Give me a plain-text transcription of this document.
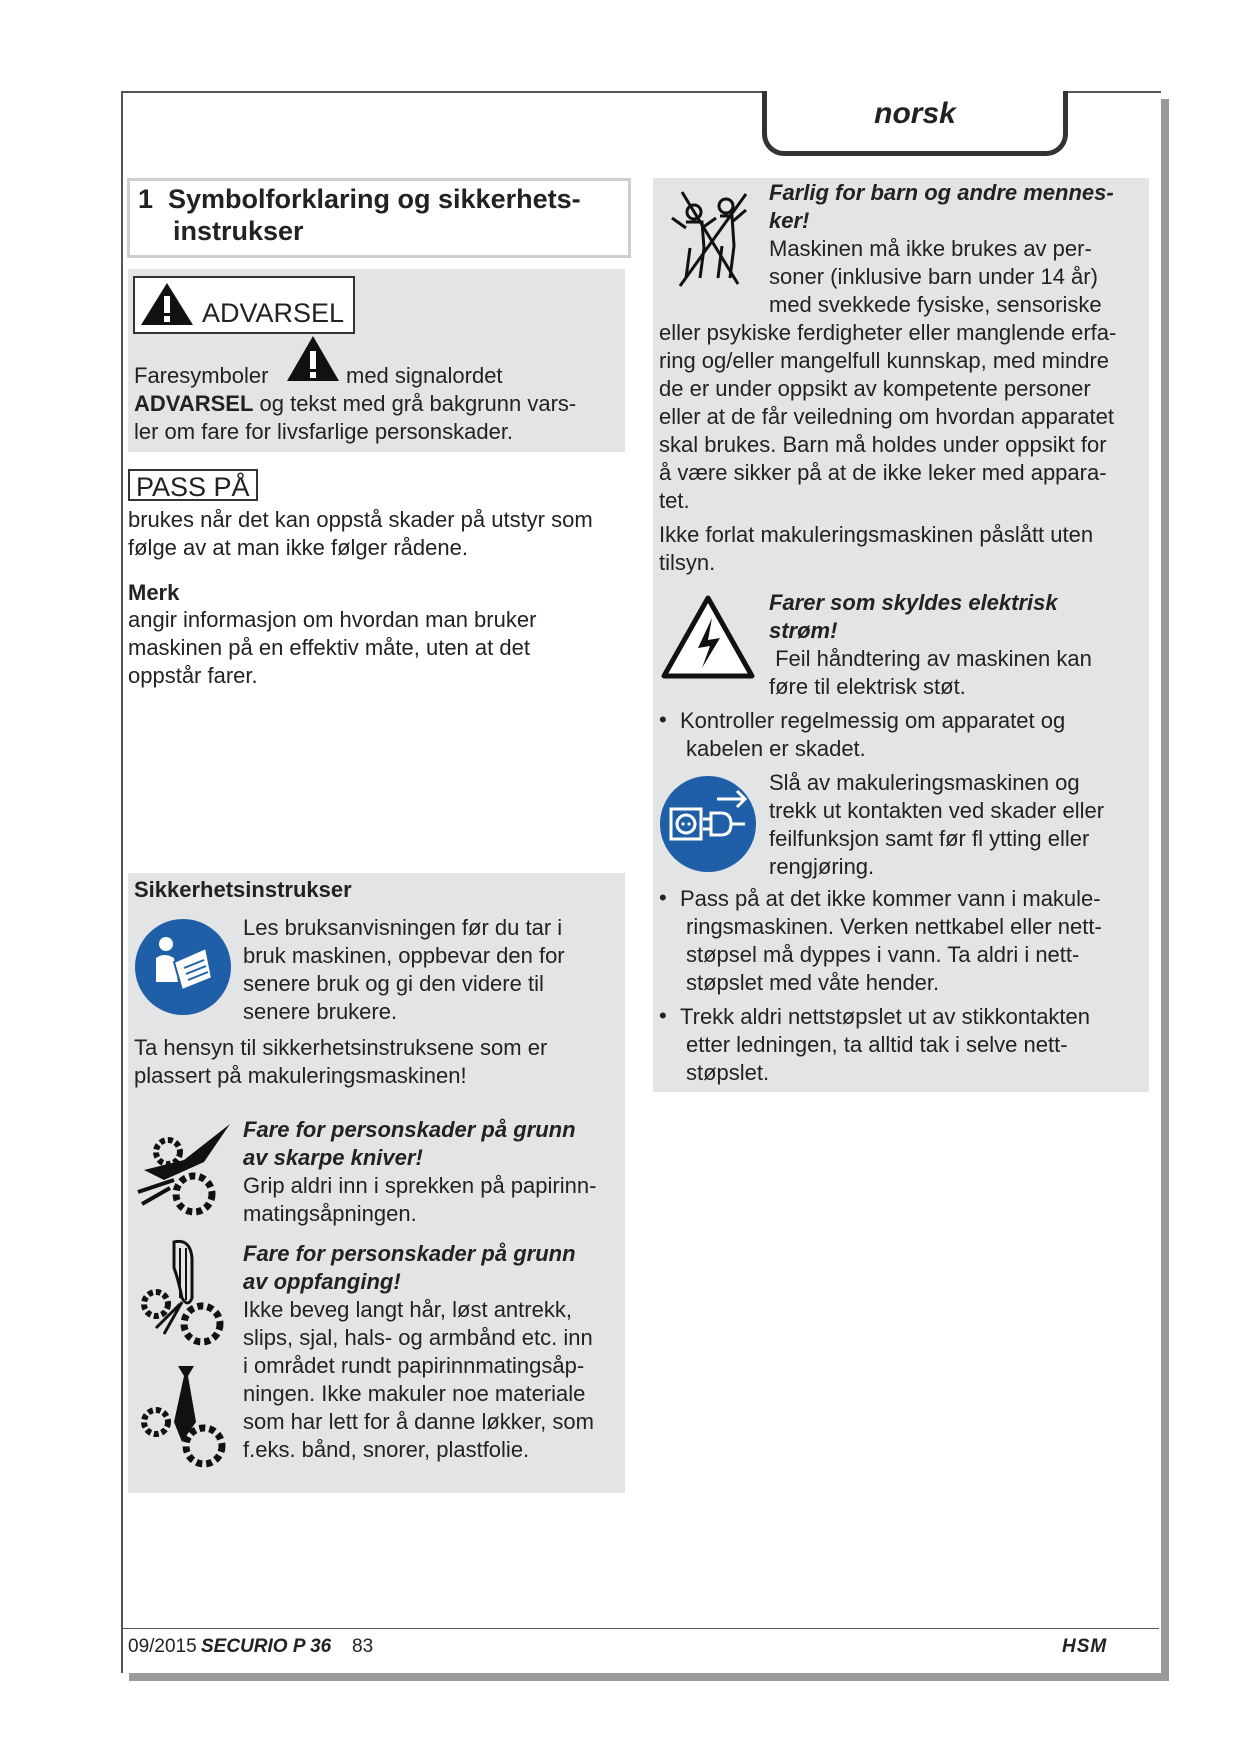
norsk
1 Symbolforklaring og sikkerhets-
instrukser
ADVARSEL
Faresymboler	med signalordet
ADVARSEL og tekst med grå bakgrunn vars-
ler om fare for livsfarlige personskader.
PASS PÅ
brukes når det kan oppstå skader på utstyr som
følge av at man ikke følger rådene.
Merk
angir informasjon om hvordan man bruker
maskinen på en effektiv måte, uten at det
oppstår farer.
Sikkerhetsinstrukser
Les bruksanvisningen før du tar i
bruk maskinen, oppbevar den for
senere bruk og gi den videre til
senere brukere.
Ta hensyn til sikkerhetsinstruksene som er
plassert på makuleringsmaskinen!
Fare for personskader på grunn
av skarpe kniver!
Grip aldri inn i sprekken på papirinn-
matingsåpningen.
Fare for personskader på grunn
av oppfanging!
Ikke beveg langt hår, løst antrekk,
slips, sjal, hals- og armbånd etc. inn
i området rundt papirinnmatingsåp-
ningen. Ikke makuler noe materiale
som har lett for å danne løkker, som
f.eks. bånd, snorer, plastfolie.
Farlig for barn og andre mennes-
ker!
Maskinen må ikke brukes av per-
soner (inklusive barn under 14 år)
med svekkede fysiske, sensoriske
eller psykiske ferdigheter eller manglende erfa-
ring og/eller mangelfull kunnskap, med mindre
de er under oppsikt av kompetente personer
eller at de får veiledning om hvordan apparatet
skal brukes. Barn må holdes under oppsikt for
å være sikker på at de ikke leker med appara-
tet.
Ikke forlat makuleringsmaskinen påslått uten
tilsyn.
Farer som skyldes elektrisk
strøm!
Feil håndtering av maskinen kan
føre til elektrisk støt.
• Kontroller regelmessig om apparatet og
kabelen er skadet.
Slå av makuleringsmaskinen og
trekk ut kontakten ved skader eller
feilfunksjon samt før fl ytting eller
rengjøring.
• Pass på at det ikke kommer vann i makule-
ringsmaskinen. Verken nettkabel eller nett-
støpsel må dyppes i vann. Ta aldri i nett-
støpslet med våte hender.
• Trekk aldri nettstøpslet ut av stikkontakten
etter ledningen, ta alltid tak i selve nett-
støpslet.
09/2015 SECURIO P 36 83	HSM
